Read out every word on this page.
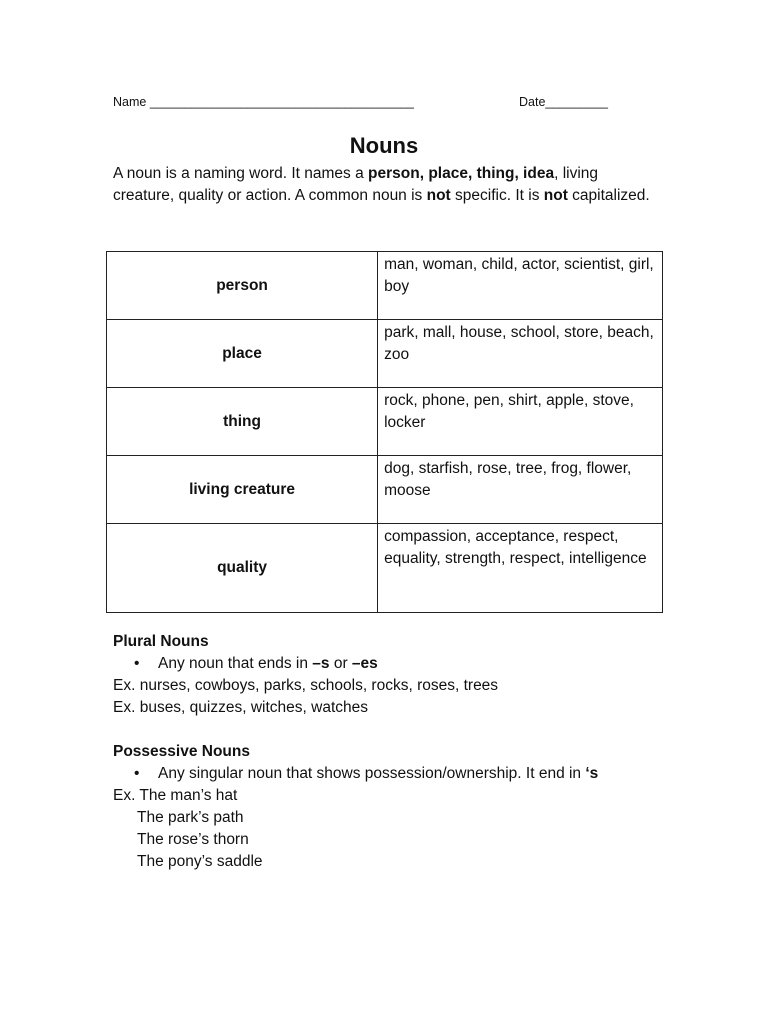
Name ______________________________________	Date_________
Nouns
A noun is a naming word. It names a person, place, thing, idea, living creature, quality or action. A common noun is not specific. It is not capitalized.
person	man, woman, child, actor, scientist, girl, boy
place	park, mall, house, school, store, beach, zoo
thing	rock, phone, pen, shirt, apple, stove, locker
living creature	dog, starfish, rose, tree, frog, flower, moose
quality	compassion, acceptance, respect, equality, strength, respect, intelligence
Plural Nouns
• Any noun that ends in –s or –es
Ex. nurses, cowboys, parks, schools, rocks, roses, trees
Ex. buses, quizzes, witches, watches
Possessive Nouns
• Any singular noun that shows possession/ownership. It end in ‘s
Ex. The man’s hat
The park’s path
The rose’s thorn
The pony’s saddle
